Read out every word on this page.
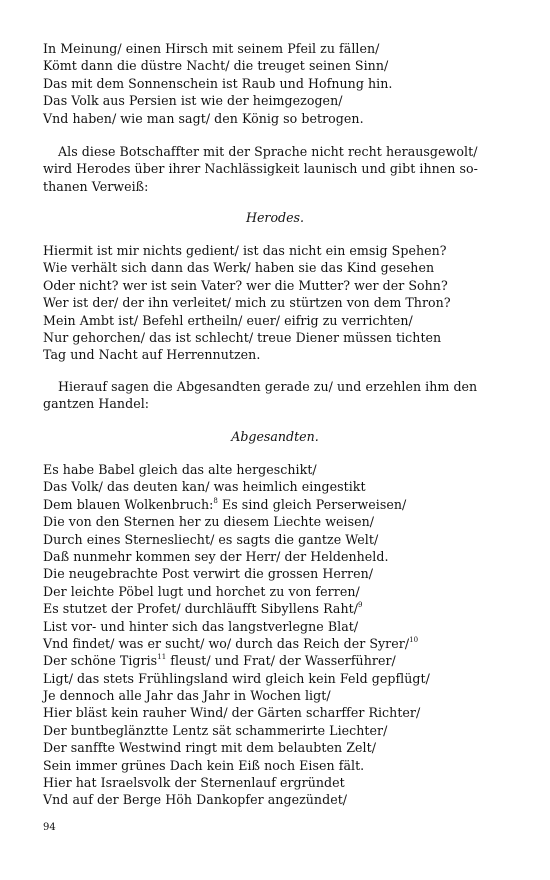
In Meinung/ einen Hirsch mit seinem Pfeil zu fällen/
Kömt dann die düstre Nacht/ die treuget seinen Sinn/
Das mit dem Sonnenschein ist Raub und Hofnung hin.
Das Volk aus Persien ist wie der heimgezogen/
Vnd haben/ wie man sagt/ den König so betrogen.
Als diese Botschaffter mit der Sprache nicht recht herausgewolt/
wird Herodes über ihrer Nachlässigkeit launisch und gibt ihnen so-
thanen Verweiß:
Herodes.
Hiermit ist mir nichts gedient/ ist das nicht ein emsig Spehen?
Wie verhält sich dann das Werk/ haben sie das Kind gesehen
Oder nicht? wer ist sein Vater? wer die Mutter? wer der Sohn?
Wer ist der/ der ihn verleitet/ mich zu stürtzen von dem Thron?
Mein Ambt ist/ Befehl ertheiln/ euer/ eifrig zu verrichten/
Nur gehorchen/ das ist schlecht/ treue Diener müssen tichten
Tag und Nacht auf Herrennutzen.
Hierauf sagen die Abgesandten gerade zu/ und erzehlen ihm den
gantzen Handel:
Abgesandten.
Es habe Babel gleich das alte hergeschikt/
Das Volk/ das deuten kan/ was heimlich eingestikt
Dem blauen Wolkenbruch:$^8$ Es sind gleich Perserweisen/
Die von den Sternen her zu diesem Liechte weisen/
Durch eines Sternesliecht/ es sagts die gantze Welt/
Daß nunmehr kommen sey der Herr/ der Heldenheld.
Die neugebrachte Post verwirt die grossen Herren/
Der leichte Pöbel lugt und horchet zu von ferren/
Es stutzet der Profet/ durchläufft Sibyllens Raht/$^9$
List vor- und hinter sich das langstverlegne Blat/
Vnd findet/ was er sucht/ wo/ durch das Reich der Syrer/$^{10}$
Der schöne Tigris$^{11}$ fleust/ und Frat/ der Wasserführer/
Ligt/ das stets Frühlingsland wird gleich kein Feld gepflügt/
Je dennoch alle Jahr das Jahr in Wochen ligt/
Hier bläst kein rauher Wind/ der Gärten scharffer Richter/
Der buntbeglänztte Lentz sät schammerirte Liechter/
Der sanffte Westwind ringt mit dem belaubten Zelt/
Sein immer grünes Dach kein Eiß noch Eisen fält.
Hier hat Israelsvolk der Sternenlauf ergründet
Vnd auf der Berge Höh Dankopfer angezündet/
94
